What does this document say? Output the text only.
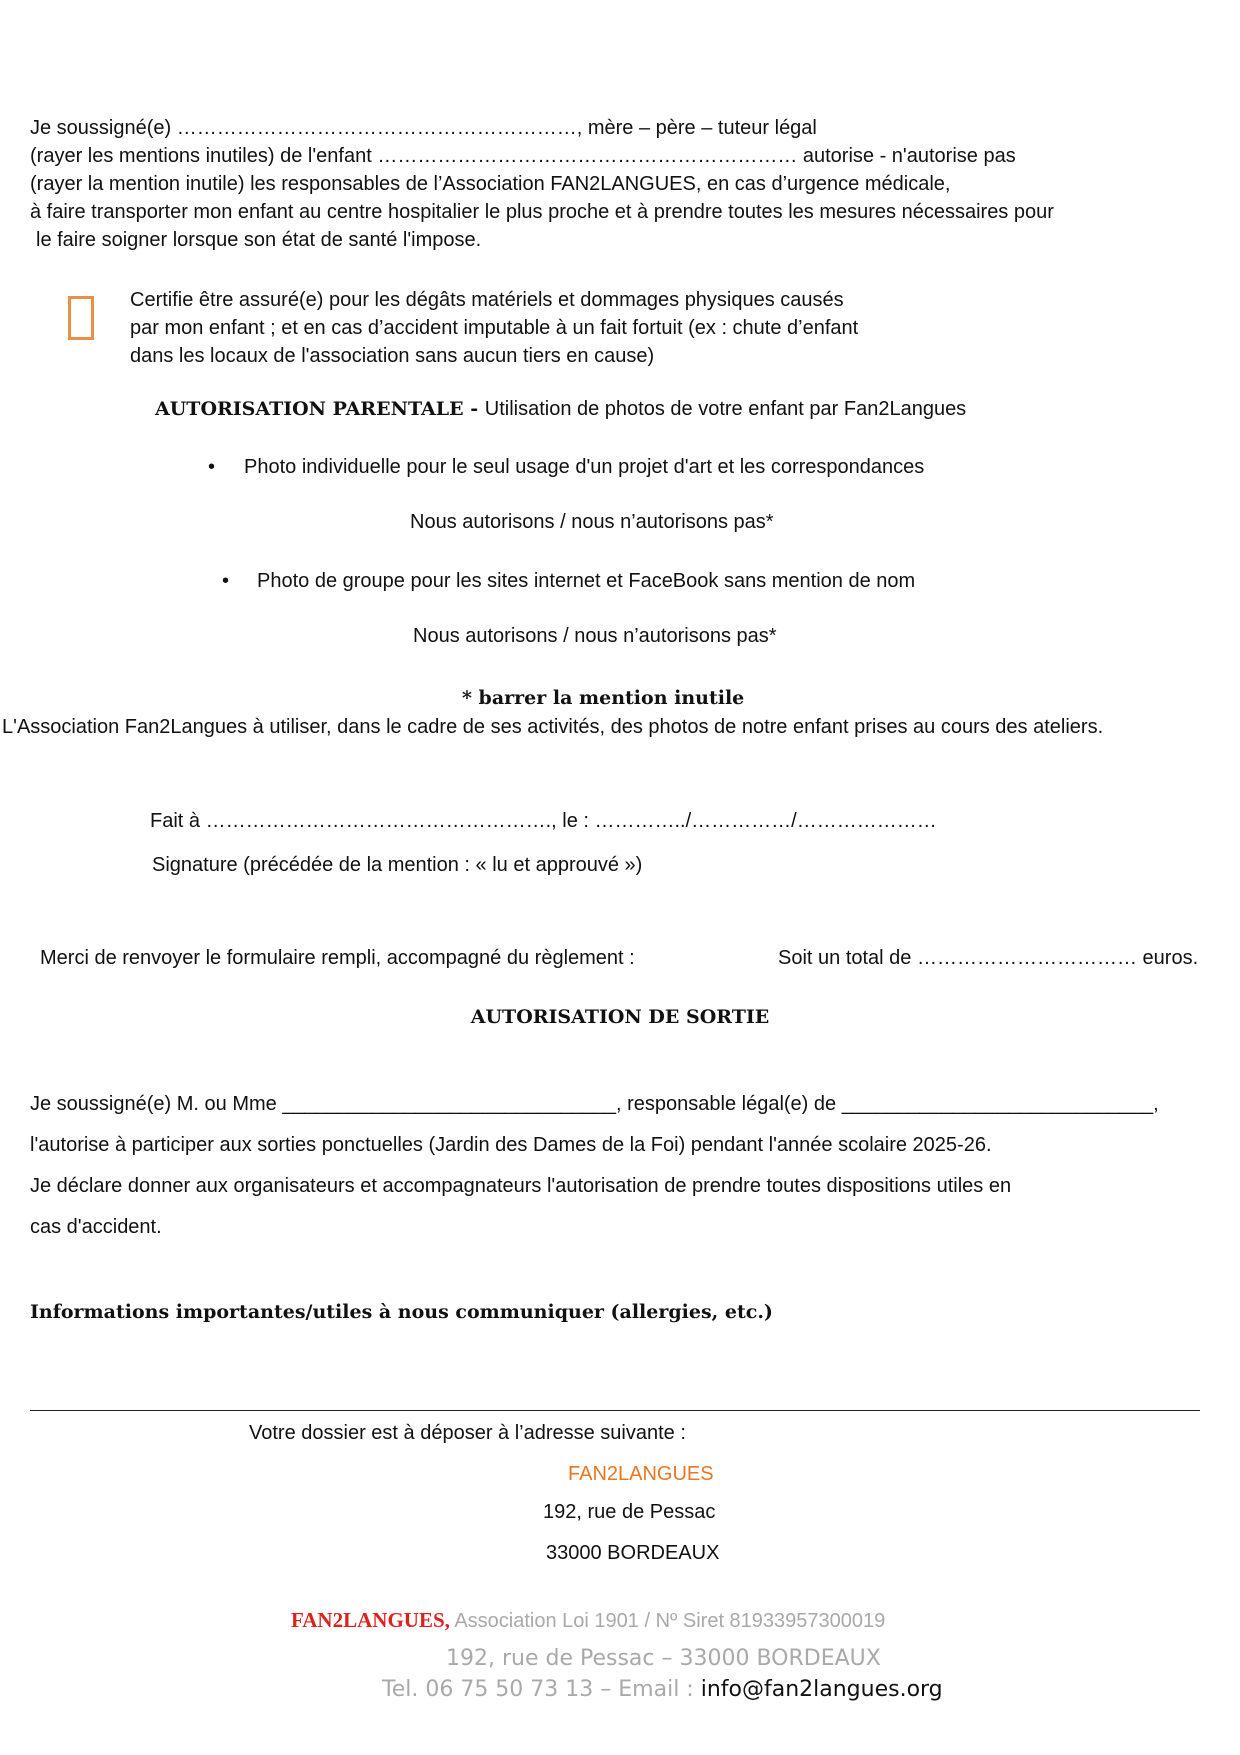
Je soussigné(e) ……………………………………………………, mère – père – tuteur légal
(rayer les mentions inutiles) de l'enfant ……………………………………………………… autorise - n'autorise pas
(rayer la mention inutile) les responsables de l’Association FAN2LANGUES, en cas d’urgence médicale,
à faire transporter mon enfant au centre hospitalier le plus proche et à prendre toutes les mesures nécessaires pour
le faire soigner lorsque son état de santé l'impose.
Certifie être assuré(e) pour les dégâts matériels et dommages physiques causés
par mon enfant ; et en cas d’accident imputable à un fait fortuit (ex : chute d’enfant
dans les locaux de l'association sans aucun tiers en cause)
AUTORISATION PARENTALE - Utilisation de photos de votre enfant par Fan2Langues
• Photo individuelle pour le seul usage d'un projet d'art et les correspondances
Nous autorisons / nous n’autorisons pas*
• Photo de groupe pour les sites internet et FaceBook sans mention de nom
Nous autorisons / nous n’autorisons pas*
* barrer la mention inutile
L'Association Fan2Langues à utiliser, dans le cadre de ses activités, des photos de notre enfant prises au cours des ateliers.
Fait à ……………………………………………., le : …………../……………/…………………
Signature (précédée de la mention : « lu et approuvé »)
Merci de renvoyer le formulaire rempli, accompagné du règlement :	Soit un total de …………………………… euros.
AUTORISATION DE SORTIE
Je soussigné(e) M. ou Mme ______________________________, responsable légal(e) de ____________________________,
l'autorise à participer aux sorties ponctuelles (Jardin des Dames de la Foi) pendant l'année scolaire 2025-26.
Je déclare donner aux organisateurs et accompagnateurs l'autorisation de prendre toutes dispositions utiles en
cas d'accident.
Informations importantes/utiles à nous communiquer (allergies, etc.)
Votre dossier est à déposer à l’adresse suivante :
FAN2LANGUES
192, rue de Pessac
33000 BORDEAUX
FAN2LANGUES, Association Loi 1901 / Nº Siret 81933957300019
192, rue de Pessac – 33000 BORDEAUX
Tel. 06 75 50 73 13 – Email : info@fan2langues.org
